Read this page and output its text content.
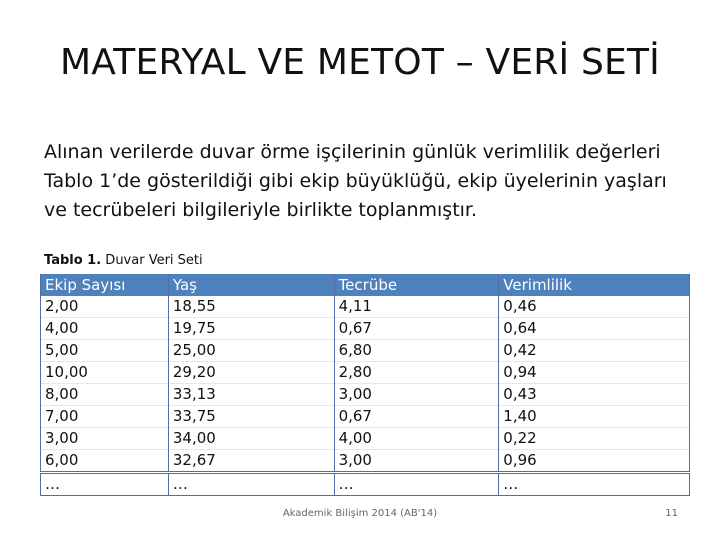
MATERYAL VE METOT – VERİ SETİ
Alınan verilerde duvar örme işçilerinin günlük verimlilik değerleri Tablo 1’de gösterildiği gibi ekip büyüklüğü, ekip üyelerinin yaşları ve tecrübeleri bilgileriyle birlikte toplanmıştır.
Tablo 1. Duvar Veri Seti
Ekip Sayısı	Yaş	Tecrübe	Verimlilik
2,00	18,55	4,11	0,46
4,00	19,75	0,67	0,64
5,00	25,00	6,80	0,42
10,00	29,20	2,80	0,94
8,00	33,13	3,00	0,43
7,00	33,75	0,67	1,40
3,00	34,00	4,00	0,22
6,00	32,67	3,00	0,96
…	…	…	…
Akademik Bilişim 2014 (AB'14)	11
